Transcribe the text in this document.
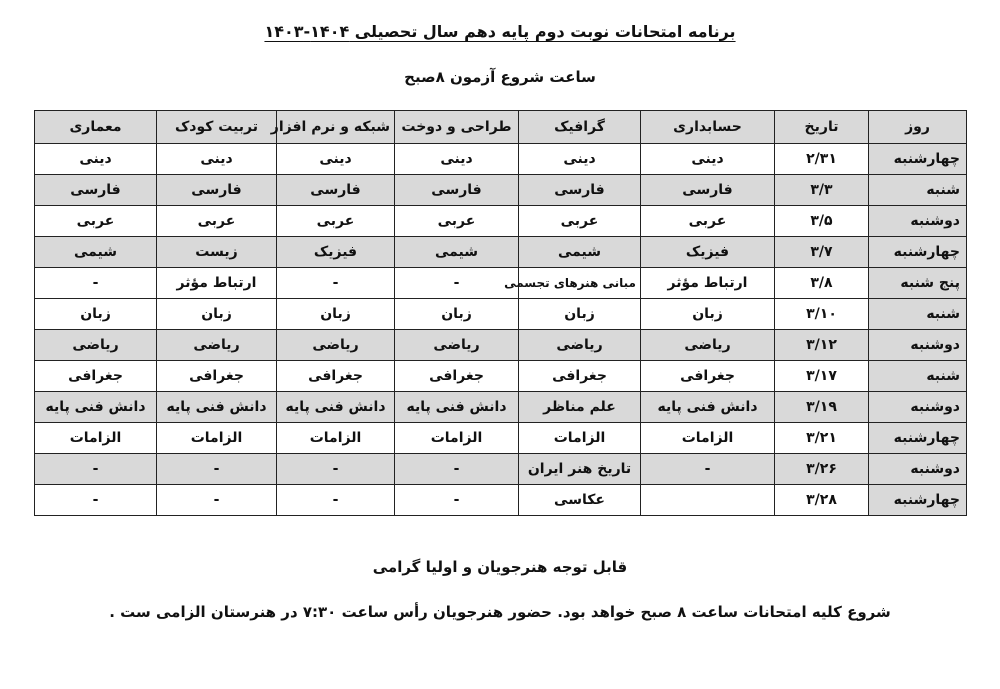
برنامه امتحانات نوبت دوم پایه دهم سال تحصیلی ۱۴۰۴-۱۴۰۳
ساعت شروع آزمون ۸صبح
روز	تاریخ	حسابداری	گرافیک	طراحی و دوخت	شبکه و نرم افزار	تربیت کودک	معماری
چهارشنبه	۲/۳۱	دینی	دینی	دینی	دینی	دینی	دینی
شنبه	۳/۳	فارسی	فارسی	فارسی	فارسی	فارسی	فارسی
دوشنبه	۳/۵	عربی	عربی	عربی	عربی	عربی	عربی
چهارشنبه	۳/۷	فیزیک	شیمی	شیمی	فیزیک	زیست	شیمی
پنج شنبه	۳/۸	ارتباط مؤثر	مبانی هنرهای تجسمی	-	-	ارتباط مؤثر	-
شنبه	۳/۱۰	زبان	زبان	زبان	زبان	زبان	زبان
دوشنبه	۳/۱۲	ریاضی	ریاضی	ریاضی	ریاضی	ریاضی	ریاضی
شنبه	۳/۱۷	جغرافی	جغرافی	جغرافی	جغرافی	جغرافی	جغرافی
دوشنبه	۳/۱۹	دانش فنی پایه	علم مناظر	دانش فنی پایه	دانش فنی پایه	دانش فنی پایه	دانش فنی پایه
چهارشنبه	۳/۲۱	الزامات	الزامات	الزامات	الزامات	الزامات	الزامات
دوشنبه	۳/۲۶	-	تاریخ هنر ایران	-	-	-	-
چهارشنبه	۳/۲۸		عکاسی	-	-	-	-
قابل توجه هنرجویان و اولیا گرامی
شروع کلیه امتحانات ساعت ۸ صبح خواهد بود. حضور هنرجویان رأس ساعت ۷:۳۰ در هنرستان الزامی ست .
